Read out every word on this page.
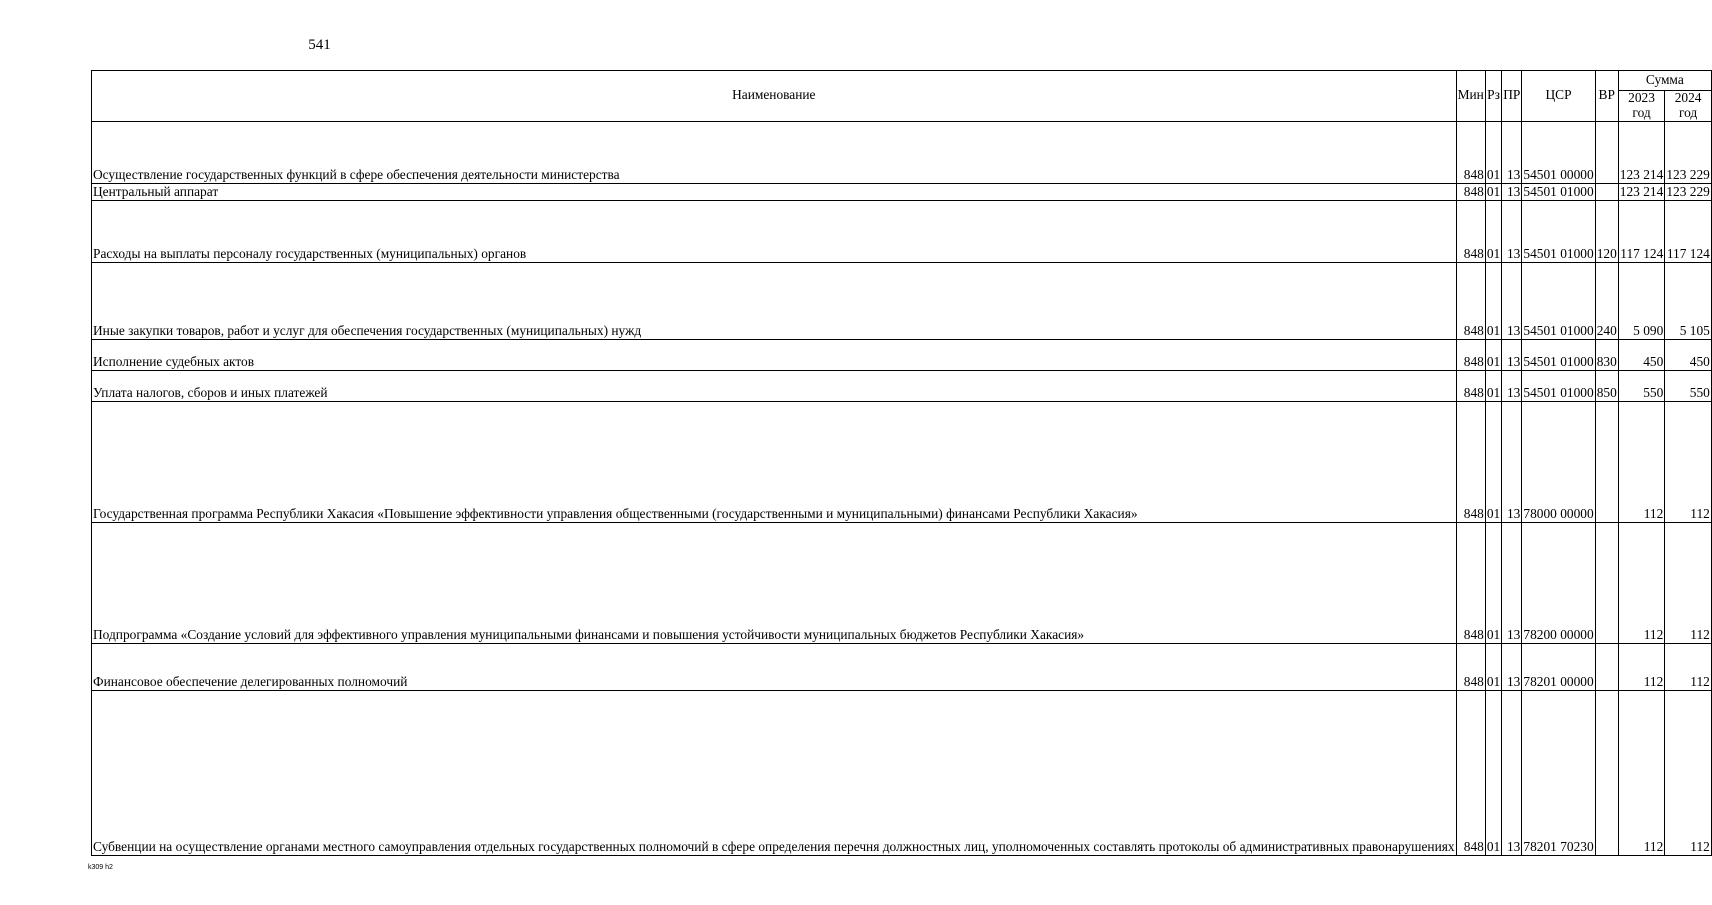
541
Наименование	Мин	Рз	ПР	ЦСР	ВР	Сумма	
						2023 год	2024 год
Осуществление государственных функций в сфере обеспечения деятельности министерства	848	01	13	54501 00000		123 214	123 229
Центральный аппарат	848	01	13	54501 01000		123 214	123 229
Расходы на выплаты персоналу государственных (муниципальных) органов	848	01	13	54501 01000	120	117 124	117 124
Иные закупки товаров, работ и услуг для обеспечения государственных (муниципальных) нужд	848	01	13	54501 01000	240	5 090	5 105
Исполнение судебных актов	848	01	13	54501 01000	830	450	450
Уплата налогов, сборов и иных платежей	848	01	13	54501 01000	850	550	550
Государственная программа Республики Хакасия «Повышение эффективности управления общественными (государственными и муниципальными) финансами Республики Хакасия»	848	01	13	78000 00000		112	112
Подпрограмма «Создание условий для эффективного управления муниципальными финансами и повышения устойчивости муниципальных бюджетов Республики Хакасия»	848	01	13	78200 00000		112	112
Финансовое обеспечение делегированных полномочий	848	01	13	78201 00000		112	112
Субвенции на осуществление органами местного самоуправления отдельных государственных полномочий в сфере определения перечня должностных лиц, уполномоченных составлять протоколы об административных правонарушениях	848	01	13	78201 70230		112	112
k309 h2
